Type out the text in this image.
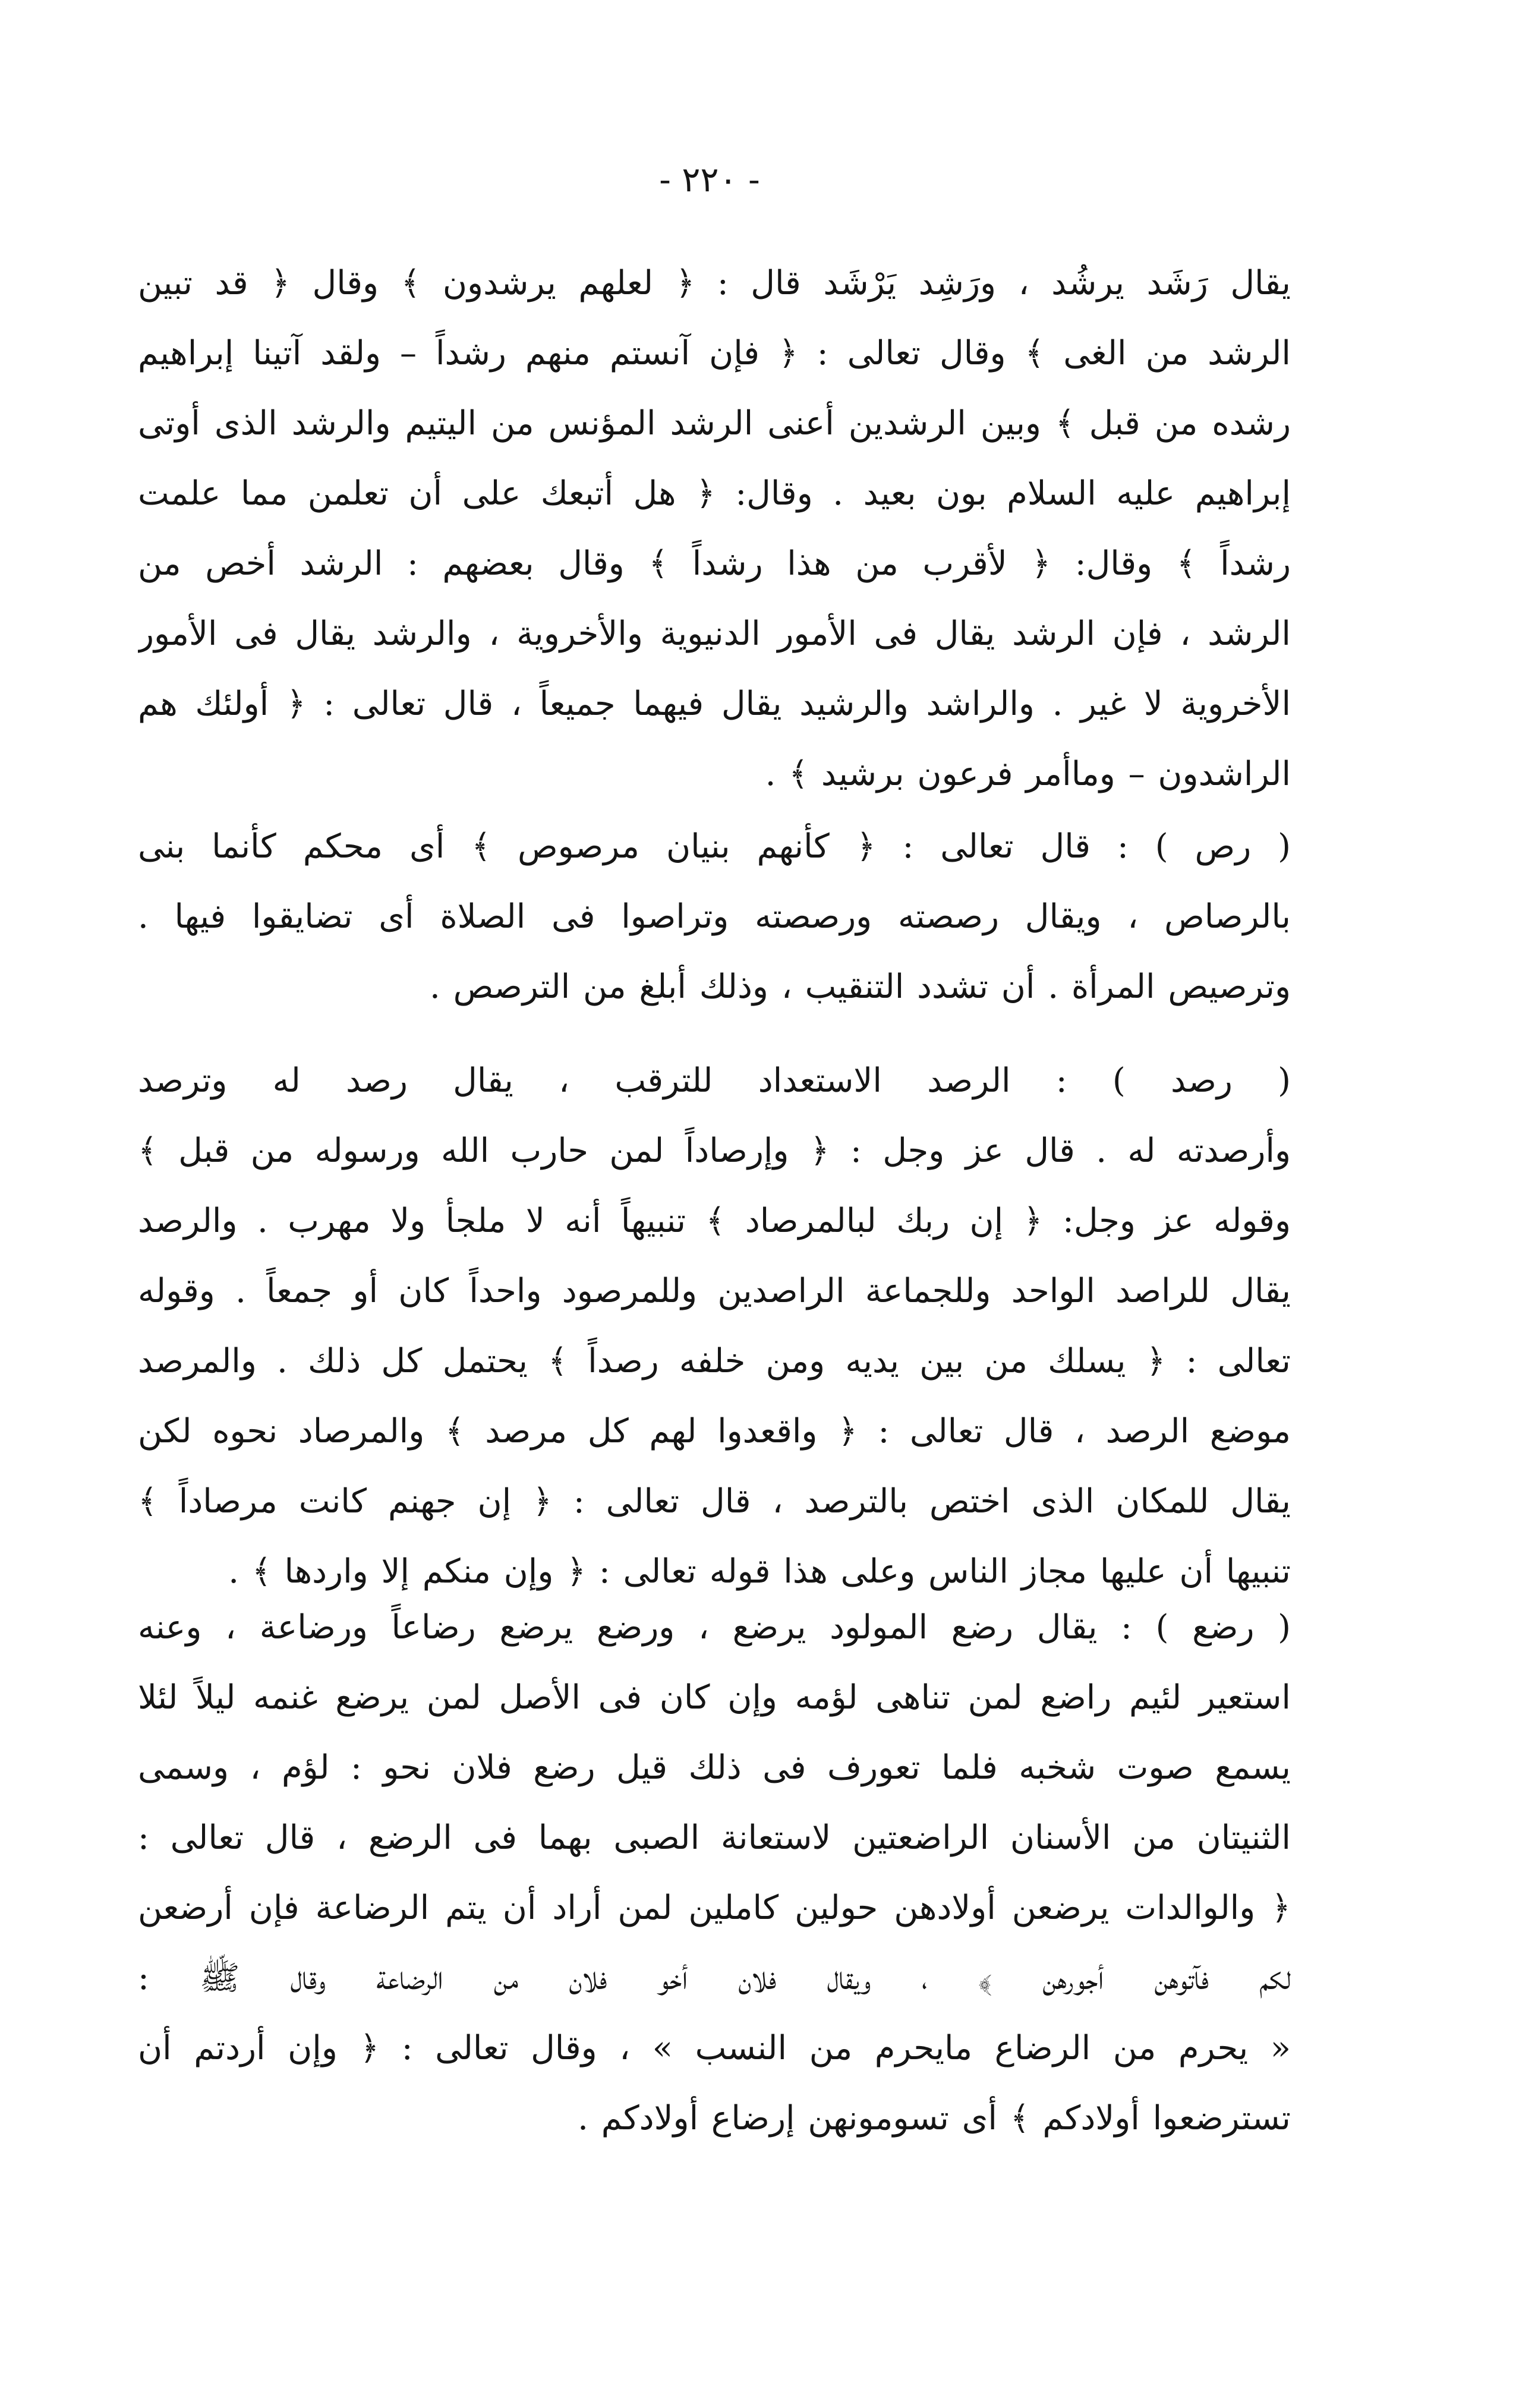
- ٢٢٠ -
يقال رَشَد يرشُد ، ورَشِد يَرْشَد قال : ﴿ لعلهم يرشدون ﴾ وقال ﴿ قد تبين
الرشد من الغى ﴾ وقال تعالى : ﴿ فإن آنستم منهم رشداً – ولقد آتينا إبراهيم
رشده من قبل ﴾ وبين الرشدين أعنى الرشد المؤنس من اليتيم والرشد الذى أوتى
إبراهيم عليه السلام بون بعيد . وقال: ﴿ هل أتبعك على أن تعلمن مما علمت
رشداً ﴾ وقال: ﴿ لأقرب من هذا رشداً ﴾ وقال بعضهم : الرشد أخص من
الرشد ، فإن الرشد يقال فى الأمور الدنيوية والأخروية ، والرشد يقال فى الأمور
الأخروية لا غير . والراشد والرشيد يقال فيهما جميعاً ، قال تعالى : ﴿ أولئك هم
الراشدون – وماأمر فرعون برشيد ﴾ .
( رص ) : قال تعالى : ﴿ كأنهم بنيان مرصوص ﴾ أى محكم كأنما بنى
بالرصاص ، ويقال رصصته ورصصته وتراصوا فى الصلاة أى تضايقوا فيها .
وترصيص المرأة . أن تشدد التنقيب ، وذلك أبلغ من الترصص .
( رصد ) : الرصد الاستعداد للترقب ، يقال رصد له وترصد
وأرصدته له . قال عز وجل : ﴿ وإرصاداً لمن حارب الله ورسوله من قبل ﴾
وقوله عز وجل: ﴿ إن ربك لبالمرصاد ﴾ تنبيهاً أنه لا ملجأ ولا مهرب . والرصد
يقال للراصد الواحد وللجماعة الراصدين وللمرصود واحداً كان أو جمعاً . وقوله
تعالى : ﴿ يسلك من بين يديه ومن خلفه رصداً ﴾ يحتمل كل ذلك . والمرصد
موضع الرصد ، قال تعالى : ﴿ واقعدوا لهم كل مرصد ﴾ والمرصاد نحوه لكن
يقال للمكان الذى اختص بالترصد ، قال تعالى : ﴿ إن جهنم كانت مرصاداً ﴾
تنبيها أن عليها مجاز الناس وعلى هذا قوله تعالى : ﴿ وإن منكم إلا واردها ﴾ .
( رضع ) : يقال رضع المولود يرضع ، ورضع يرضع رضاعاً ورضاعة ، وعنه
استعير لئيم راضع لمن تناهى لؤمه وإن كان فى الأصل لمن يرضع غنمه ليلاً لئلا
يسمع صوت شخبه فلما تعورف فى ذلك قيل رضع فلان نحو : لؤم ، وسمى
الثنيتان من الأسنان الراضعتين لاستعانة الصبى بهما فى الرضع ، قال تعالى :
﴿ والوالدات يرضعن أولادهن حولين كاملين لمن أراد أن يتم الرضاعة فإن أرضعن
لكم فآتوهن أجورهن ﴾ ، ويقال فلان أخو فلان من الرضاعة وقال ﷺ :
« يحرم من الرضاع مايحرم من النسب » ، وقال تعالى : ﴿ وإن أردتم أن
تسترضعوا أولادكم ﴾ أى تسومونهن إرضاع أولادكم .
